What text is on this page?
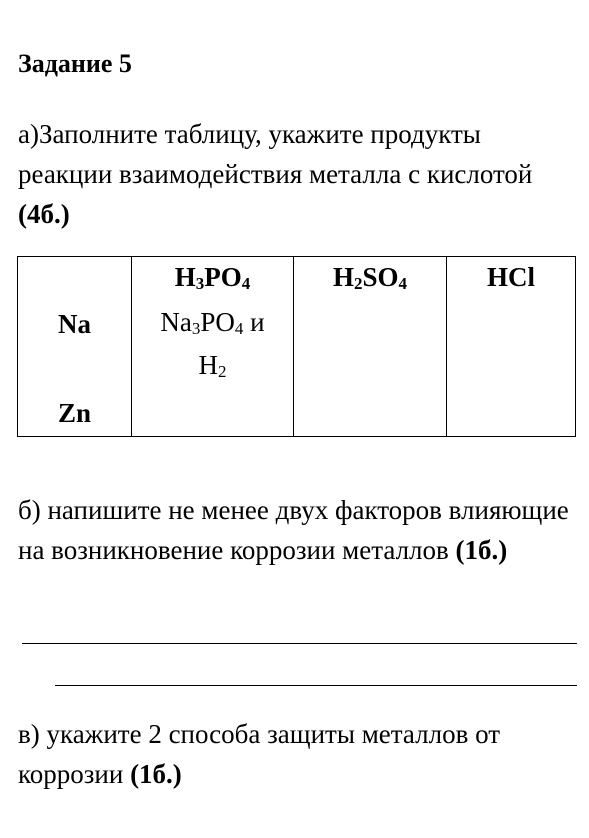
Задание 5
а)Заполните таблицу, укажите продукты реакции взаимодействия металла с кислотой (4б.)
	H3PO4	H2SO4	HCl
Na	Na3PO4 и
H2		
Zn			
б) напишите не менее двух факторов влияющие на возникновение коррозии металлов (1б.)
в) укажите 2 способа защиты металлов от коррозии (1б.)
